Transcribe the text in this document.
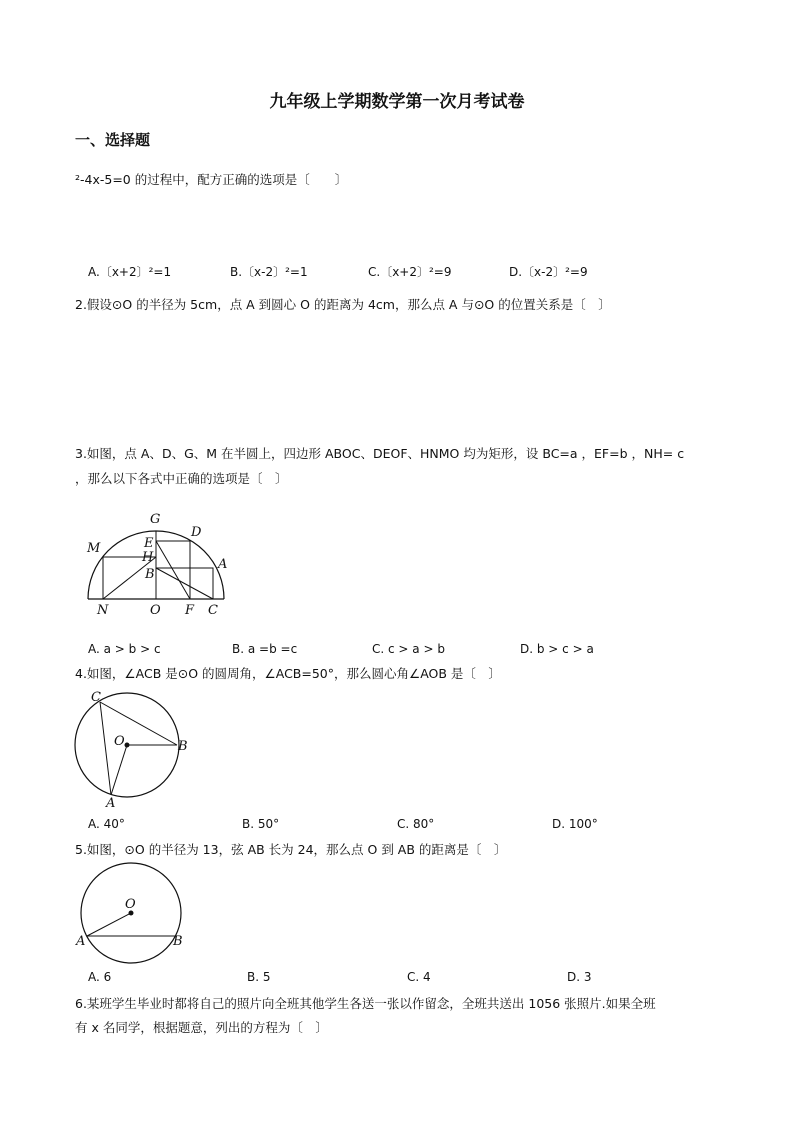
九年级上学期数学第一次月考试卷
一、选择题
²-4x-5=0 的过程中，配方正确的选项是〔　　〕
A.〔x+2〕²=1	B.〔x-2〕²=1	C.〔x+2〕²=9	D.〔x-2〕²=9
2.假设⊙O 的半径为 5cm，点 A 到圆心 O 的距离为 4cm，那么点 A 与⊙O 的位置关系是〔　〕
3.如图，点 A、D、G、M 在半圆上，四边形 ABOC、DEOF、HNMO 均为矩形，设 BC=a ，EF=b ，NH= c
，那么以下各式中正确的选项是〔　〕
G
D
M	E
H	A
B
N	O F C
A. a > b > c	B. a =b =c	C. c > a > b	D. b > c > a
4.如图，∠ACB 是⊙O 的圆周角，∠ACB=50°，那么圆心角∠AOB 是〔　〕
C
O	B
A
A. 40°	B. 50°	C. 80°	D. 100°
5.如图，⊙O 的半径为 13，弦 AB 长为 24，那么点 O 到 AB 的距离是〔　〕
O
A	B
A. 6	B. 5	C. 4	D. 3
6.某班学生毕业时都将自己的照片向全班其他学生各送一张以作留念，全班共送出 1056 张照片.如果全班
有 x 名同学，根据题意，列出的方程为〔　〕
